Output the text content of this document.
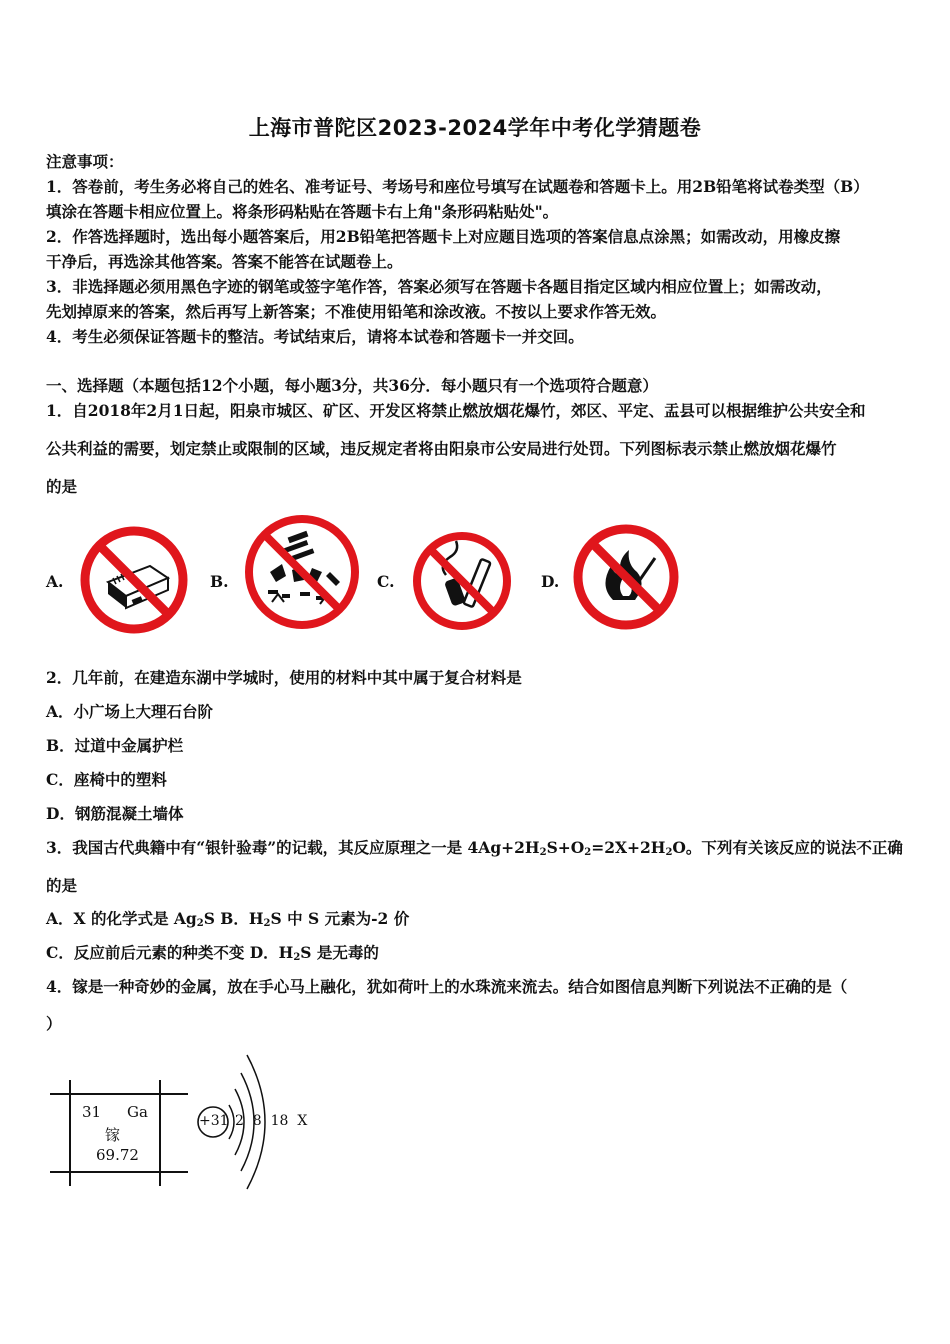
上海市普陀区2023-2024学年中考化学猜题卷
注意事项：
1．答卷前，考生务必将自己的姓名、准考证号、考场号和座位号填写在试题卷和答题卡上。用2B铅笔将试卷类型（B）
填涂在答题卡相应位置上。将条形码粘贴在答题卡右上角"条形码粘贴处"。
2．作答选择题时，选出每小题答案后，用2B铅笔把答题卡上对应题目选项的答案信息点涂黑；如需改动，用橡皮擦
干净后，再选涂其他答案。答案不能答在试题卷上。
3．非选择题必须用黑色字迹的钢笔或签字笔作答，答案必须写在答题卡各题目指定区域内相应位置上；如需改动，
先划掉原来的答案，然后再写上新答案；不准使用铅笔和涂改液。不按以上要求作答无效。
4．考生必须保证答题卡的整洁。考试结束后，请将本试卷和答题卡一并交回。
一、选择题（本题包括12个小题，每小题3分，共36分．每小题只有一个选项符合题意）
1．自2018年2月1日起，阳泉市城区、矿区、开发区将禁止燃放烟花爆竹，郊区、平定、盂县可以根据维护公共安全和
公共利益的需要，划定禁止或限制的区域，违反规定者将由阳泉市公安局进行处罚。下列图标表示禁止燃放烟花爆竹
的是
A.	B.	C.	D.
2．几年前，在建造东湖中学城时，使用的材料中其中属于复合材料是
A．小广场上大理石台阶
B．过道中金属护栏
C．座椅中的塑料
D．钢筋混凝土墙体
3．我国古代典籍中有“银针验毒”的记载，其反应原理之一是 $4Ag+2H_2S+O_2=2X+2H_2O$。下列有关该反应的说法不正确
的是
A．X 的化学式是 $Ag_2S$ B．$H_2S$ 中 S 元素为-2 价
C．反应前后元素的种类不变 D．$H_2S$ 是无毒的
4．镓是一种奇妙的金属，放在手心马上融化，犹如荷叶上的水珠流来流去。结合如图信息判断下列说法不正确的是（
）
31 Ga
镓
69.72
+31 2  8  18  X
